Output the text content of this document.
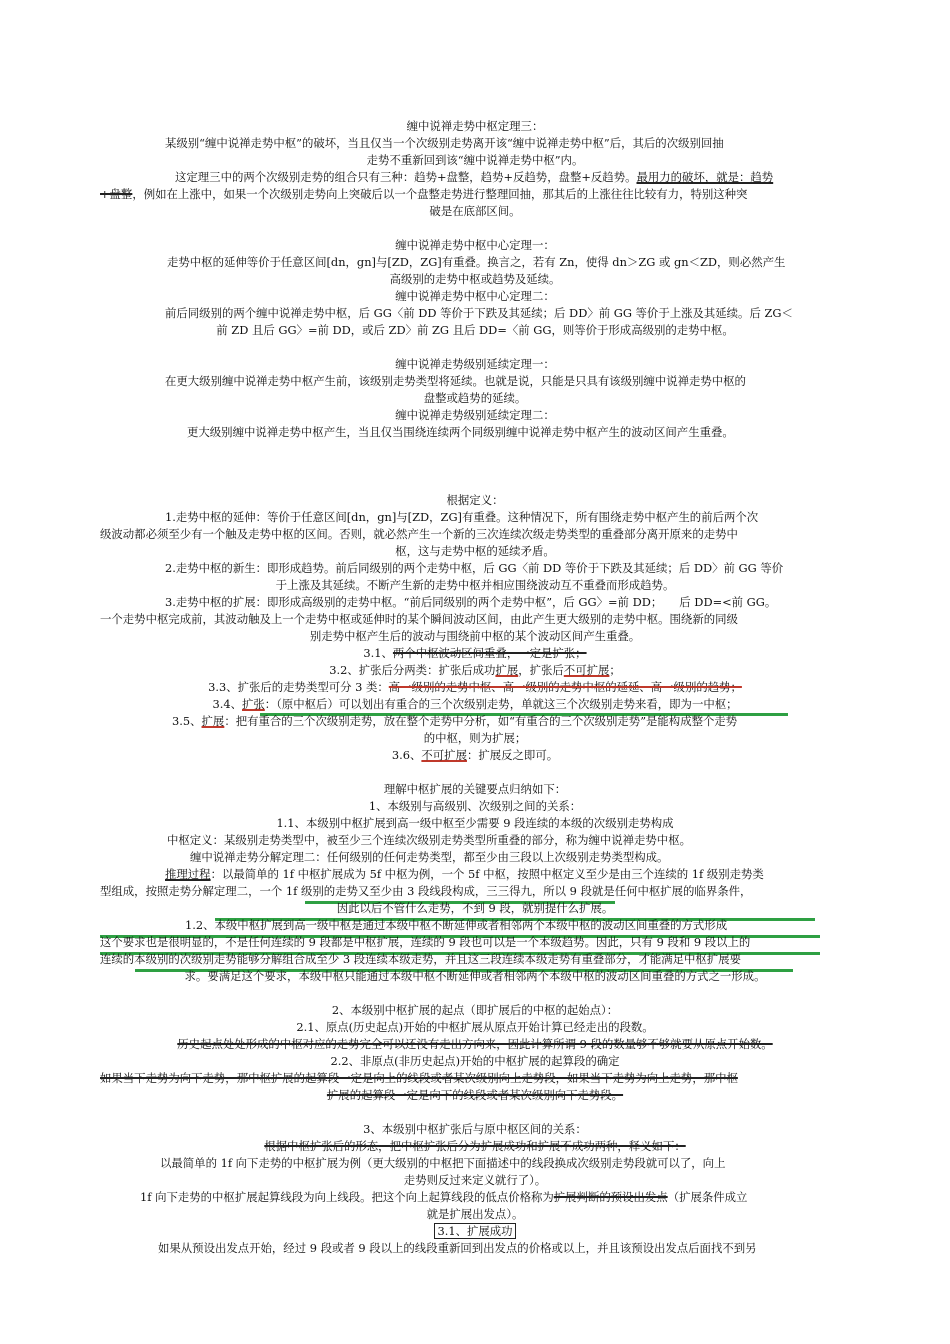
缠中说禅走势中枢定理三：
某级别“缠中说禅走势中枢”的破坏，当且仅当一个次级别走势离开该“缠中说禅走势中枢”后，其后的次级别回抽
走势不重新回到该“缠中说禅走势中枢”内。
这定理三中的两个次级别走势的组合只有三种：趋势+盘整，趋势+反趋势，盘整+反趋势。最用力的破坏，就是：趋势
+盘整，例如在上涨中，如果一个次级别走势向上突破后以一个盘整走势进行整理回抽，那其后的上涨往往比较有力，特别这种突
破是在底部区间。
缠中说禅走势中枢中心定理一：
走势中枢的延伸等价于任意区间[dn，gn]与[ZD，ZG]有重叠。换言之，若有 Zn，使得 dn＞ZG 或 gn＜ZD，则必然产生
高级别的走势中枢或趋势及延续。
缠中说禅走势中枢中心定理二：
前后同级别的两个缠中说禅走势中枢，后 GG〈前 DD 等价于下跌及其延续；后 DD〉前 GG 等价于上涨及其延续。后 ZG＜
前 ZD 且后 GG〉=前 DD，或后 ZD〉前 ZG 且后 DD=〈前 GG，则等价于形成高级别的走势中枢。
缠中说禅走势级别延续定理一：
在更大级别缠中说禅走势中枢产生前，该级别走势类型将延续。也就是说，只能是只具有该级别缠中说禅走势中枢的
盘整或趋势的延续。
缠中说禅走势级别延续定理二：
更大级别缠中说禅走势中枢产生，当且仅当围绕连续两个同级别缠中说禅走势中枢产生的波动区间产生重叠。
根据定义：
1.走势中枢的延伸：等价于任意区间[dn，gn]与[ZD，ZG]有重叠。这种情况下，所有围绕走势中枢产生的前后两个次
级波动都必须至少有一个触及走势中枢的区间。否则，就必然产生一个新的三次连续次级走势类型的重叠部分离开原来的走势中
枢，这与走势中枢的延续矛盾。
2.走势中枢的新生：即形成趋势。前后同级别的两个走势中枢，后 GG〈前 DD 等价于下跌及其延续；后 DD〉前 GG 等价
于上涨及其延续。不断产生新的走势中枢并相应围绕波动互不重叠而形成趋势。
3.走势中枢的扩展：即形成高级别的走势中枢。“前后同级别的两个走势中枢”，后 GG〉=前 DD；　　后 DD=<前 GG。
一个走势中枢完成前，其波动触及上一个走势中枢或延伸时的某个瞬间波动区间，由此产生更大级别的走势中枢。围绕新的同级
别走势中枢产生后的波动与围绕前中枢的某个波动区间产生重叠。
3.1、两个中枢波动区间重叠，一定是扩张；
3.2、扩张后分两类：扩张后成功扩展，扩张后不可扩展；
3.3、扩张后的走势类型可分 3 类：高一级别的走势中枢、高一级别的走势中枢的延延、高一级别的趋势；
3.4、扩张：（原中枢后）可以划出有重合的三个次级别走势，单就这三个次级别走势来看，即为一中枢；
3.5、扩展：把有重合的三个次级别走势，放在整个走势中分析，如“有重合的三个次级别走势”是能构成整个走势
的中枢，则为扩展；
3.6、不可扩展：扩展反之即可。
理解中枢扩展的关键要点归纳如下：
1、本级别与高级别、次级别之间的关系：
1.1、本级别中枢扩展到高一级中枢至少需要 9 段连续的本级的次级别走势构成
中枢定义：某级别走势类型中，被至少三个连续次级别走势类型所重叠的部分，称为缠中说禅走势中枢。
缠中说禅走势分解定理二：任何级别的任何走势类型，都至少由三段以上次级别走势类型构成。
推理过程：以最简单的 1f 中枢扩展成为 5f 中枢为例，一个 5f 中枢，按照中枢定义至少是由三个连续的 1f 级别走势类
型组成，按照走势分解定理二，一个 1f 级别的走势又至少由 3 段线段构成，三三得九，所以 9 段就是任何中枢扩展的临界条件，
因此以后不管什么走势，不到 9 段，就别提什么扩展。
1.2、本级中枢扩展到高一级中枢是通过本级中枢不断延伸或者相邻两个本级中枢的波动区间重叠的方式形成
这个要求也是很明显的，不是任何连续的 9 段都是中枢扩展，连续的 9 段也可以是一个本级趋势。因此，只有 9 段和 9 段以上的
连续的本级别的次级别走势能够分解组合成至少 3 段连续本级走势，并且这三段连续本级走势有重叠部分，才能满足中枢扩展要
求。要满足这个要求，本级中枢只能通过本级中枢不断延伸或者相邻两个本级中枢的波动区间重叠的方式之一形成。
2、本级别中枢扩展的起点（即扩展后的中枢的起始点）：
2.1、原点(历史起点)开始的中枢扩展从原点开始计算已经走出的段数。
历史起点处处形成的中枢对应的走势完全可以还没有走出方向来，因此计算所谓 9 段的数量够不够就要从原点开始数。
2.2、非原点(非历史起点)开始的中枢扩展的起算段的确定
如果当下走势为向下走势，那中枢扩展的起算段一定是向上的线段或者某次级别向上走势段，如果当下走势为向上走势，那中枢
扩展的起算段一定是向下的线段或者某次级别向下走势段。
3、本级别中枢扩张后与原中枢区间的关系：
根据中枢扩张后的形态，把中枢扩张后分为扩展成功和扩展不成功两种，释义如下：
以最简单的 1f 向下走势的中枢扩展为例（更大级别的中枢把下面描述中的线段换成次级别走势段就可以了，向上
走势则反过来定义就行了）。
1f 向下走势的中枢扩展起算线段为向上线段。把这个向上起算线段的低点价格称为扩展判断的预设出发点（扩展条件成立
就是扩展出发点）。
3.1、扩展成功
如果从预设出发点开始，经过 9 段或者 9 段以上的线段重新回到出发点的价格或以上，并且该预设出发点后面找不到另
